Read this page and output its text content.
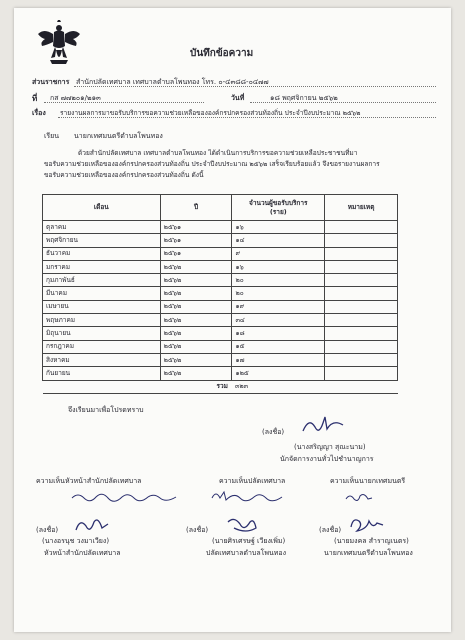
บันทึกข้อความ
ส่วนราชการ สำนักปลัดเทศบาล เทศบาลตำบลโพนทอง โทร. ๐-๔๓๘๘-๐๔๗๗
ที่ กส ๗๗๒๐๑/๒๑๓	วันที่	๑๘ พฤศจิกายน ๒๕๖๒
เรื่อง รายงานผลการมาขอรับบริการขอความช่วยเหลือขององค์กรปกครองส่วนท้องถิ่น ประจำปีงบประมาณ ๒๕๖๒
เรียน นายกเทศมนตรีตำบลโพนทอง
ด้วยสำนักปลัดเทศบาล เทศบาลตำบลโพนทอง ได้ดำเนินการบริการขอความช่วยเหลือประชาชนที่มา
ขอรับความช่วยเหลือขององค์กรปกครองส่วนท้องถิ่น ประจำปีงบประมาณ ๒๕๖๒ เสร็จเรียบร้อยแล้ว จึงขอรายงานผลการ
ขอรับความช่วยเหลือขององค์กรปกครองส่วนท้องถิ่น ดังนี้
เดือน	ปี	จำนวนผู้ขอรับบริการ
(ราย)	หมายเหตุ
ตุลาคม	๒๕๖๑	๑๖	
พฤศจิกายน	๒๕๖๑	๑๔	
ธันวาคม	๒๕๖๑	๙	
มกราคม	๒๕๖๒	๑๖	
กุมภาพันธ์	๒๕๖๒	๒๐	
มีนาคม	๒๕๖๒	๒๐	
เมษายน	๒๕๖๒	๑๙	
พฤษภาคม	๒๕๖๒	๓๔	
มิถุนายน	๒๕๖๒	๑๘	
กรกฎาคม	๒๕๖๒	๑๕	
สิงหาคม	๒๕๖๒	๑๗	
กันยายน	๒๕๖๒	๑๒๕	
รวม		๓๒๓	
จึงเรียนมาเพื่อโปรดทราบ
(ลงชื่อ)
(นางสริญญา สุณะนาม)
นักจัดการงานทั่วไปชำนาญการ
ความเห็นหัวหน้าสำนักปลัดเทศบาล
(ลงชื่อ)
(นางอรนุช วงมาเวียง)
หัวหน้าสำนักปลัดเทศบาล
ความเห็นปลัดเทศบาล
(ลงชื่อ)
(นายศิรเศรษฐ์ เวียงเพิ่ม)
ปลัดเทศบาลตำบลโพนทอง
ความเห็นนายกเทศมนตรี
(ลงชื่อ)
(นายมงคล สำราญเนตร)
นายกเทศมนตรีตำบลโพนทอง
